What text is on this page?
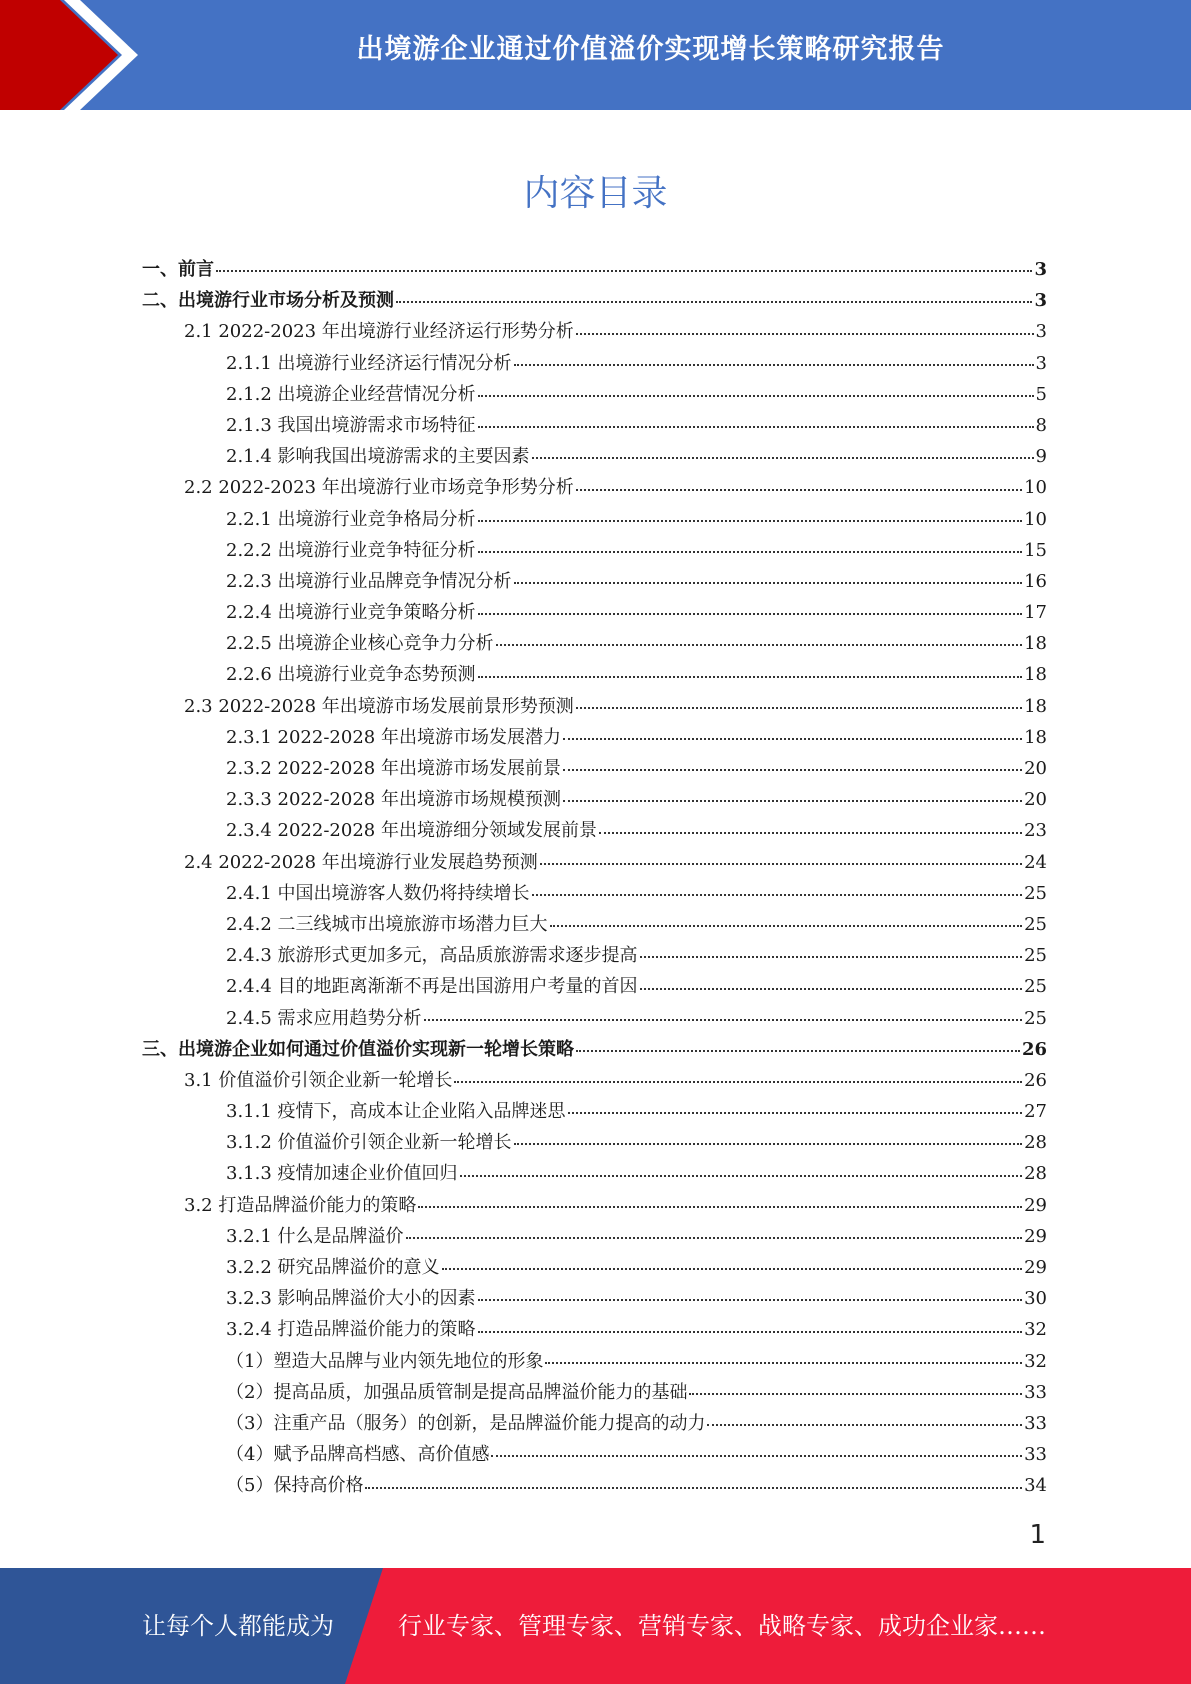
出境游企业通过价值溢价实现增长策略研究报告
内容目录
一、前言	3
二、出境游行业市场分析及预测	3
2.1 2022-2023 年出境游行业经济运行形势分析	3
2.1.1 出境游行业经济运行情况分析	3
2.1.2 出境游企业经营情况分析	5
2.1.3 我国出境游需求市场特征	8
2.1.4 影响我国出境游需求的主要因素	9
2.2 2022-2023 年出境游行业市场竞争形势分析	10
2.2.1 出境游行业竞争格局分析	10
2.2.2 出境游行业竞争特征分析	15
2.2.3 出境游行业品牌竞争情况分析	16
2.2.4 出境游行业竞争策略分析	17
2.2.5 出境游企业核心竞争力分析	18
2.2.6 出境游行业竞争态势预测	18
2.3 2022-2028 年出境游市场发展前景形势预测	18
2.3.1 2022-2028 年出境游市场发展潜力	18
2.3.2 2022-2028 年出境游市场发展前景	20
2.3.3 2022-2028 年出境游市场规模预测	20
2.3.4 2022-2028 年出境游细分领域发展前景	23
2.4 2022-2028 年出境游行业发展趋势预测	24
2.4.1 中国出境游客人数仍将持续增长	25
2.4.2 二三线城市出境旅游市场潜力巨大	25
2.4.3 旅游形式更加多元，高品质旅游需求逐步提高	25
2.4.4 目的地距离渐渐不再是出国游用户考量的首因	25
2.4.5 需求应用趋势分析	25
三、出境游企业如何通过价值溢价实现新一轮增长策略	26
3.1 价值溢价引领企业新一轮增长	26
3.1.1 疫情下，高成本让企业陷入品牌迷思	27
3.1.2 价值溢价引领企业新一轮增长	28
3.1.3 疫情加速企业价值回归	28
3.2 打造品牌溢价能力的策略	29
3.2.1 什么是品牌溢价	29
3.2.2 研究品牌溢价的意义	29
3.2.3 影响品牌溢价大小的因素	30
3.2.4 打造品牌溢价能力的策略	32
（1）塑造大品牌与业内领先地位的形象	32
（2）提高品质，加强品质管制是提高品牌溢价能力的基础	33
（3）注重产品（服务）的创新，是品牌溢价能力提高的动力	33
（4）赋予品牌高档感、高价值感	33
（5）保持高价格	34
1
让每个人都能成为	行业专家、管理专家、营销专家、战略专家、成功企业家……
